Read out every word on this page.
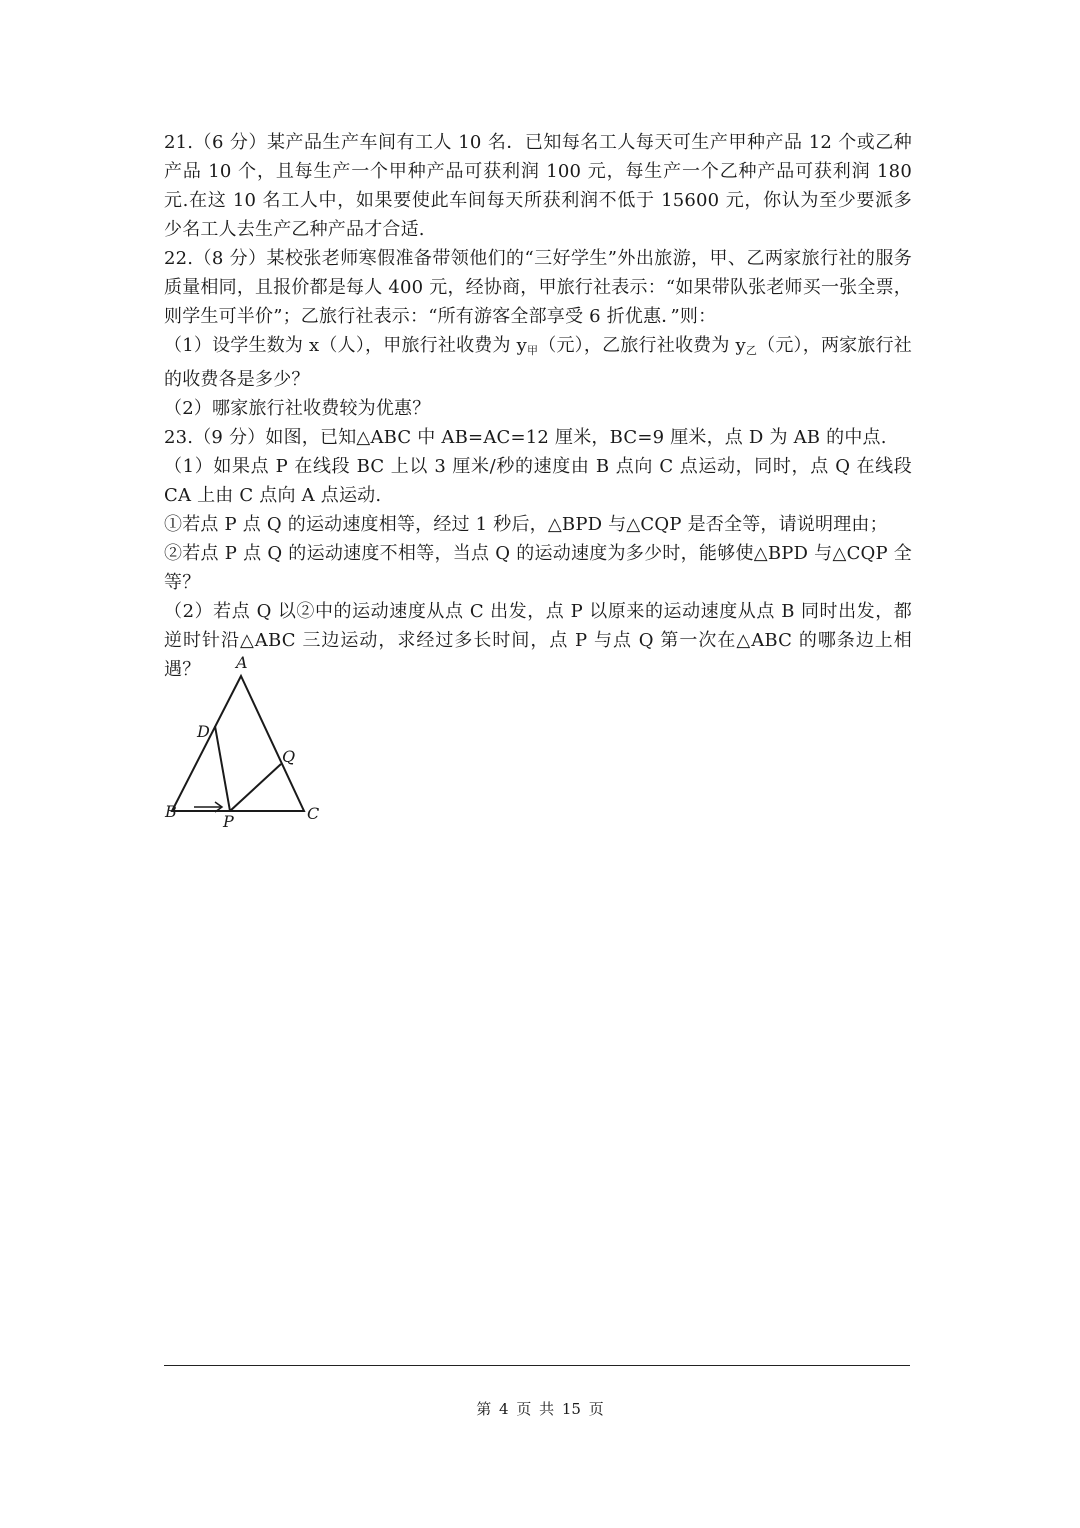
21.（6 分）某产品生产车间有工人 10 名．已知每名工人每天可生产甲种产品 12 个或乙种产品 10 个，且每生产一个甲种产品可获利润 100 元，每生产一个乙种产品可获利润 180 元.在这 10 名工人中，如果要使此车间每天所获利润不低于 15600 元，你认为至少要派多少名工人去生产乙种产品才合适.

22.（8 分）某校张老师寒假准备带领他们的“三好学生”外出旅游，甲、乙两家旅行社的服务质量相同，且报价都是每人 400 元，经协商，甲旅行社表示：“如果带队张老师买一张全票，则学生可半价”；乙旅行社表示：“所有游客全部享受 6 折优惠．”则：

（1）设学生数为 x（人），甲旅行社收费为 $y_甲$（元），乙旅行社收费为 $y_乙$（元），两家旅行社的收费各是多少？

（2）哪家旅行社收费较为优惠？

23.（9 分）如图，已知△ABC 中 AB=AC=12 厘米，BC=9 厘米，点 D 为 AB 的中点.

（1）如果点 P 在线段 BC 上以 3 厘米/秒的速度由 B 点向 C 点运动，同时，点 Q 在线段 CA 上由 C 点向 A 点运动.

①若点 P 点 Q 的运动速度相等，经过 1 秒后，△BPD 与△CQP 是否全等，请说明理由；

②若点 P 点 Q 的运动速度不相等，当点 Q 的运动速度为多少时，能够使△BPD 与△CQP 全等？

（2）若点 Q 以②中的运动速度从点 C 出发，点 P 以原来的运动速度从点 B 同时出发，都逆时针沿△ABC 三边运动，求经过多长时间，点 P 与点 Q 第一次在△ABC 的哪条边上相遇？	A
B	C
D
P
Q
第 4 页 共 15 页
